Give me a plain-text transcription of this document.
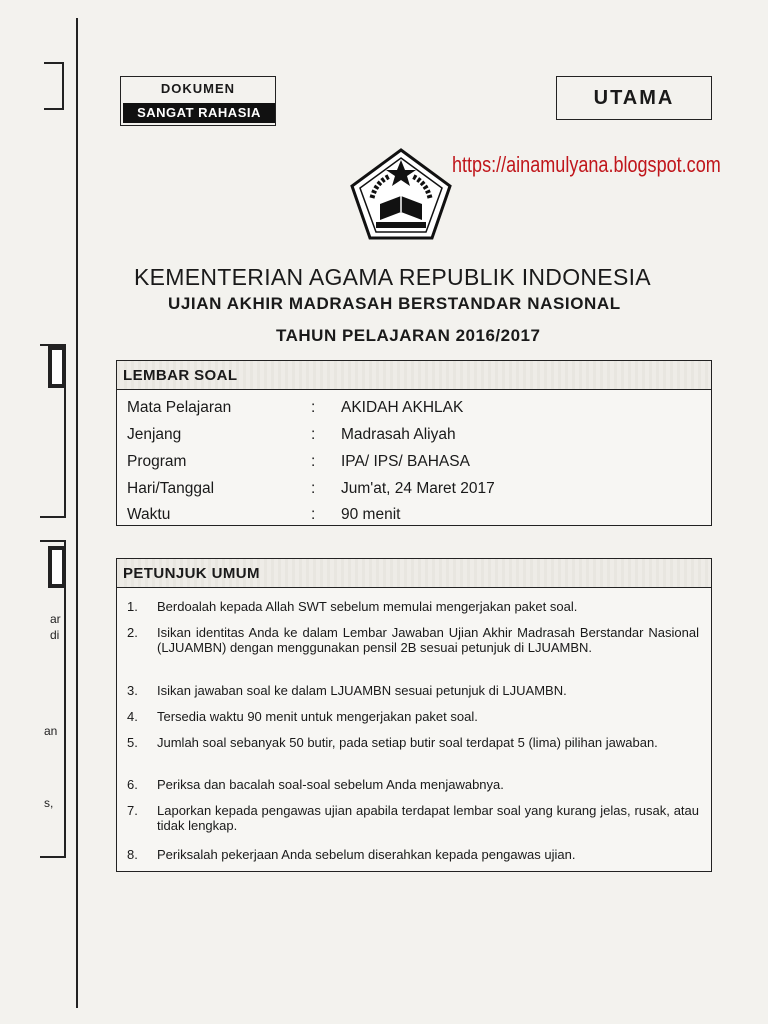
ar
di
an
s,
DOKUMEN
SANGAT RAHASIA
UTAMA
https://ainamulyana.blogspot.com
KEMENTERIAN AGAMA REPUBLIK INDONESIA
UJIAN AKHIR MADRASAH BERSTANDAR NASIONAL
TAHUN PELAJARAN 2016/2017
LEMBAR SOAL
Mata Pelajaran	: AKIDAH AKHLAK
Jenjang	: Madrasah Aliyah
Program	: IPA/ IPS/ BAHASA
Hari/Tanggal	: Jum'at, 24 Maret 2017
Waktu	: 90 menit
PETUNJUK UMUM
1. Berdoalah kepada Allah SWT sebelum memulai mengerjakan paket soal.
2. Isikan identitas Anda ke dalam Lembar Jawaban Ujian Akhir Madrasah Berstandar Nasional (LJUAMBN) dengan menggunakan pensil 2B sesuai petunjuk di LJUAMBN.
3. Isikan jawaban soal ke dalam LJUAMBN sesuai petunjuk di LJUAMBN.
4. Tersedia waktu 90 menit untuk mengerjakan paket soal.
5. Jumlah soal sebanyak 50 butir, pada setiap butir soal terdapat 5 (lima) pilihan jawaban.
6. Periksa dan bacalah soal-soal sebelum Anda menjawabnya.
7. Laporkan kepada pengawas ujian apabila terdapat lembar soal yang kurang jelas, rusak, atau tidak lengkap.
8. Periksalah pekerjaan Anda sebelum diserahkan kepada pengawas ujian.
